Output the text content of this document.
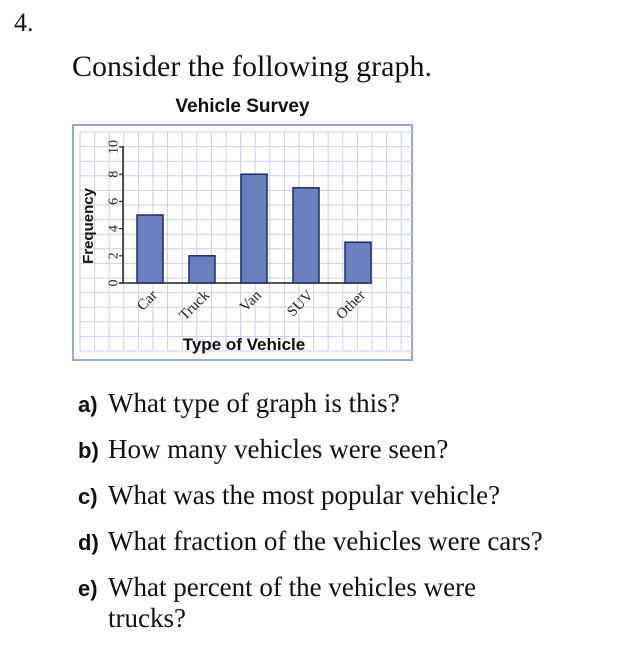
4.
Consider the following graph.
Vehicle Survey
0
2
4
6
8
10
Car Truck Van SUV Other
Frequency
Type of Vehicle
a) What type of graph is this?
b) How many vehicles were seen?
c) What was the most popular vehicle?
d) What fraction of the vehicles were cars?
e) What percent of the vehicles were
trucks?
